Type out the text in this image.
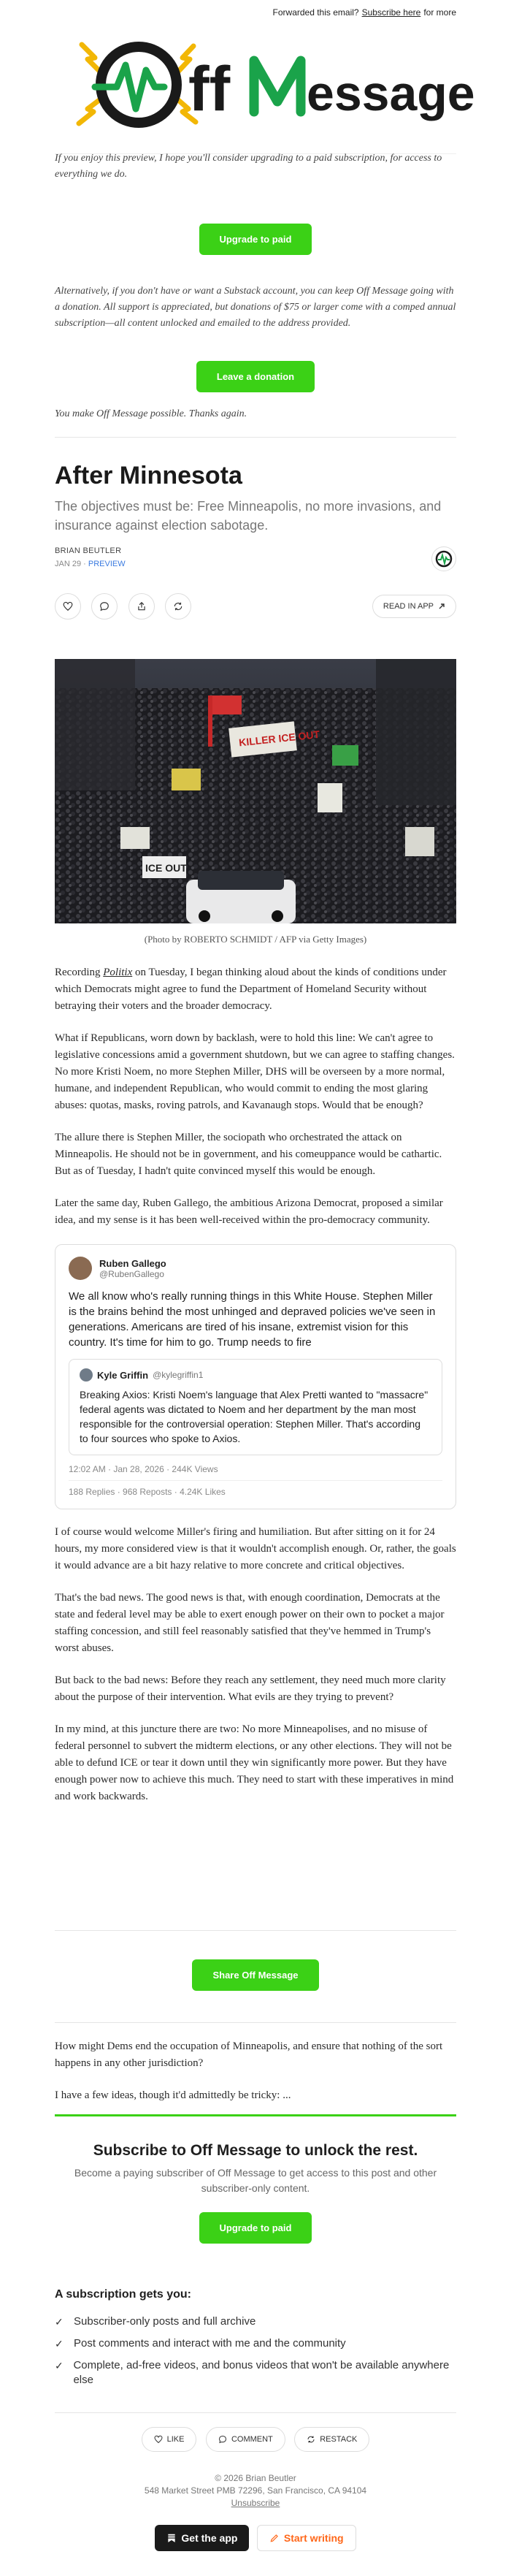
Forwarded this email? Subscribe here for more
ff essage

If you enjoy this preview, I hope you'll consider upgrading to a paid subscription, for access to everything we do.

Upgrade to paid

Alternatively, if you don't have or want a Substack account, you can keep Off Message going with a donation. All support is appreciated, but donations of $75 or larger come with a comped annual subscription—all content unlocked and emailed to the address provided.

Leave a donation

You make Off Message possible. Thanks again.

After Minnesota
The objectives must be: Free Minneapolis, no more invasions, and insurance against election sabotage.
BRIAN BEUTLER
JAN 29 · PREVIEW

READ IN APP
KILLER ICE OUT
ICE OUT
(Photo by ROBERTO SCHMIDT / AFP via Getty Images)

Recording Politix on Tuesday, I began thinking aloud about the kinds of conditions under which Democrats might agree to fund the Department of Homeland Security without betraying their voters and the broader democracy.

What if Republicans, worn down by backlash, were to hold this line: We can't agree to legislative concessions amid a government shutdown, but we can agree to staffing changes. No more Kristi Noem, no more Stephen Miller, DHS will be overseen by a more normal, humane, and independent Republican, who would commit to ending the most glaring abuses: quotas, masks, roving patrols, and Kavanaugh stops. Would that be enough?

The allure there is Stephen Miller, the sociopath who orchestrated the attack on Minneapolis. He should not be in government, and his comeuppance would be cathartic. But as of Tuesday, I hadn't quite convinced myself this would be enough.

Later the same day, Ruben Gallego, the ambitious Arizona Democrat, proposed a similar idea, and my sense is it has been well-received within the pro-democracy community.

Ruben Gallego
@RubenGallego
We all know who's really running things in this White House. Stephen Miller is the brains behind the most unhinged and depraved policies we've seen in generations. Americans are tired of his insane, extremist vision for this country. It's time for him to go. Trump needs to fire
Kyle Griffin @kylegriffin1
Breaking Axios: Kristi Noem's language that Alex Pretti wanted to "massacre" federal agents was dictated to Noem and her department by the man most responsible for the controversial operation: Stephen Miller. That's according to four sources who spoke to Axios.
12:02 AM · Jan 28, 2026 · 244K Views
188 Replies · 968 Reposts · 4.24K Likes

I of course would welcome Miller's firing and humiliation. But after sitting on it for 24 hours, my more considered view is that it wouldn't accomplish enough. Or, rather, the goals it would advance are a bit hazy relative to more concrete and critical objectives.

That's the bad news. The good news is that, with enough coordination, Democrats at the state and federal level may be able to exert enough power on their own to pocket a major staffing concession, and still feel reasonably satisfied that they've hemmed in Trump's worst abuses.

But back to the bad news: Before they reach any settlement, they need much more clarity about the purpose of their intervention. What evils are they trying to prevent?

In my mind, at this juncture there are two: No more Minneapolises, and no misuse of federal personnel to subvert the midterm elections, or any other elections. They will not be able to defund ICE or tear it down until they win significantly more power. But they have enough power now to achieve this much. They need to start with these imperatives in mind and work backwards.

Share Off Message

How might Dems end the occupation of Minneapolis, and ensure that nothing of the sort happens in any other jurisdiction?

I have a few ideas, though it'd admittedly be tricky: ...

Subscribe to Off Message to unlock the rest.
Become a paying subscriber of Off Message to get access to this post and other subscriber-only content.
Upgrade to paid
A subscription gets you:
✓ Subscriber-only posts and full archive
✓ Post comments and interact with me and the community
✓ Complete, ad-free videos, and bonus videos that won't be available anywhere else
LIKE
	COMMENT
	RESTACK
© 2026 Brian Beutler
548 Market Street PMB 72296, San Francisco, CA 94104
Unsubscribe
Get the app
	Start writing
